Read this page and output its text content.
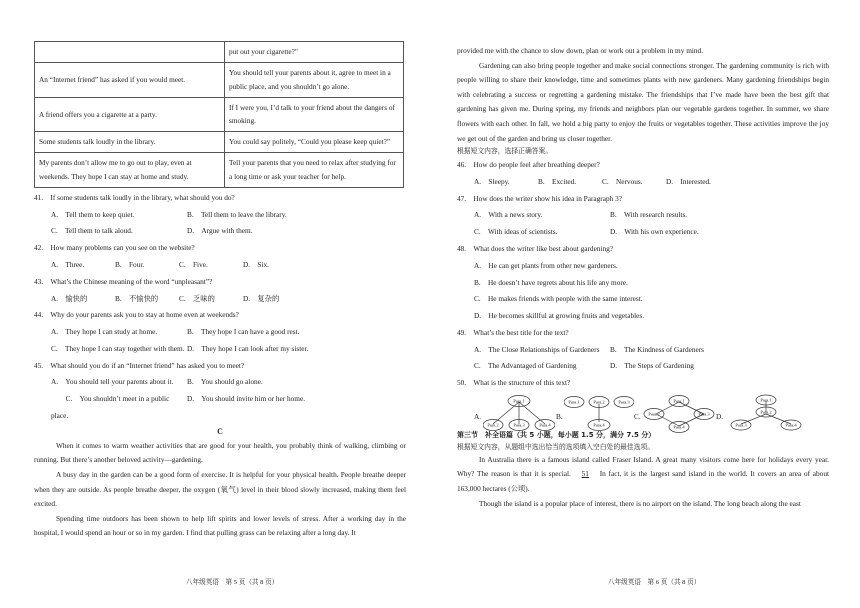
	put out your cigarette?"
An “Internet friend” has asked if you would meet.	You should tell your parents about it, agree to meet in a public place, and you shouldn’t go alone.
A friend offers you a cigarette at a party.	If I were you, I’d talk to your friend about the dangers of smoking.
Some students talk loudly in the library.	You could say politely, “Could you please keep quiet?”
My parents don’t allow me to go out to play, even at weekends. They hope I can stay at home and study.	Tell your parents that you need to relax after studying for a long time or ask your teacher for help.

41.　If some students talk loudly in the library, what should you do?

A.　Tell them to keep quiet.	B.　Tell them to leave the library.
C.　Tell them to talk aloud.	D.　Argue with them.

42.　How many problems can you see on the website?

A.　Three.	B.　Four.	C.　Five.	D.　Six.

43.　What’s the Chinese meaning of the word “unpleasant”?

A.　愉快的	B.　不愉快的	C.　乏味的	D.　复杂的

44.　Why do your parents ask you to stay at home even at weekends?

A.　They hope I can study at home.	B.　They hope I can have a good rest.
C.　They hope I can stay together with them. D.　They hope I can look after my sister.

45.　What should you do if an “Internet friend” has asked you to meet?

A.　You should tell your parents about it.	B.　You should go alone.
　　C.　You shouldn’t meet in a public place.
D.　You should invite him or her home.
C

When it comes to warm weather activities that are good for your health, you probably think of walking, climbing or running. But there’s another beloved activity—gardening.

A busy day in the garden can be a good form of exercise. It is helpful for your physical health. People breathe deeper when they are outside. As people breathe deeper, the oxygen (氧气) level in their blood slowly increased, making them feel excited.

Spending time outdoors has been shown to help lift spirits and lower levels of stress. After a working day in the hospital, I would spend an hour or so in my garden. I find that pulling grass can be relaxing after a long day. It

八年级英语　第 5 页（共 8 页）

provided me with the chance to slow down, plan or work out a problem in my mind.

Gardening can also bring people together and make social connections stronger. The gardening community is rich with people willing to share their knowledge, time and sometimes plants with new gardeners. Many gardening friendships begin with celebrating a success or regretting a gardening mistake. The friendships that I’ve made have been the best gift that gardening has given me. During spring, my friends and neighbors plan our vegetable gardens together. In summer, we share flowers with each other. In fall, we hold a big party to enjoy the fruits or vegetables together. These activities improve the joy we get out of the garden and bring us closer together.

根据短文内容，选择正确答案。

46.　How do people feel after breathing deeper?

A.　Sleepy.	B.　Excited.	C.　Nervous.	D.　Interested.

47.　How does the writer show his idea in Paragraph 3?

A.　With a news story.	B.　With research results.
C.　With ideas of scientists.	D.　With his own experience.

48.　What does the writer like best about gardening?

A.　He can get plants from other new gardeners.
B.　He doesn’t have regrets about his life any more.
C.　He makes friends with people with the same interest.
D.　He becomes skillful at growing fruits and vegetables.

49.　What’s the best title for the text?

A.　The Close Relationships of Gardeners	B.　The Kindness of Gardeners
C.　The Advantaged of Gardening	D.　The Steps of Gardening

50.　What is the structure of this text?

A.
Para.1
Para.2	Para.3	Para.4
B.
Para.1	Para.2	Para.3
Para.4
C.
Para.1
Para.2	Para.3
Para.4
D.
Para.1
Para.2
Para.3	Para.4

第三节　补全语篇（共 5 小题，每小题 1.5 分，满分 7.5 分）

根据短文内容，从题组中选出恰当的选项填入空白处的最佳选项。

In Australia there is a famous island called Fraser Island. A great many visitors come here for holidays every year. Why? The reason is that it is special. 51 In fact, it is the largest sand island in the world. It covers an area of about 163,000 hectares (公顷).

Though the island is a popular place of interest, there is no airport on the island. The long beach along the east

八年级英语　第 6 页（共 8 页）
